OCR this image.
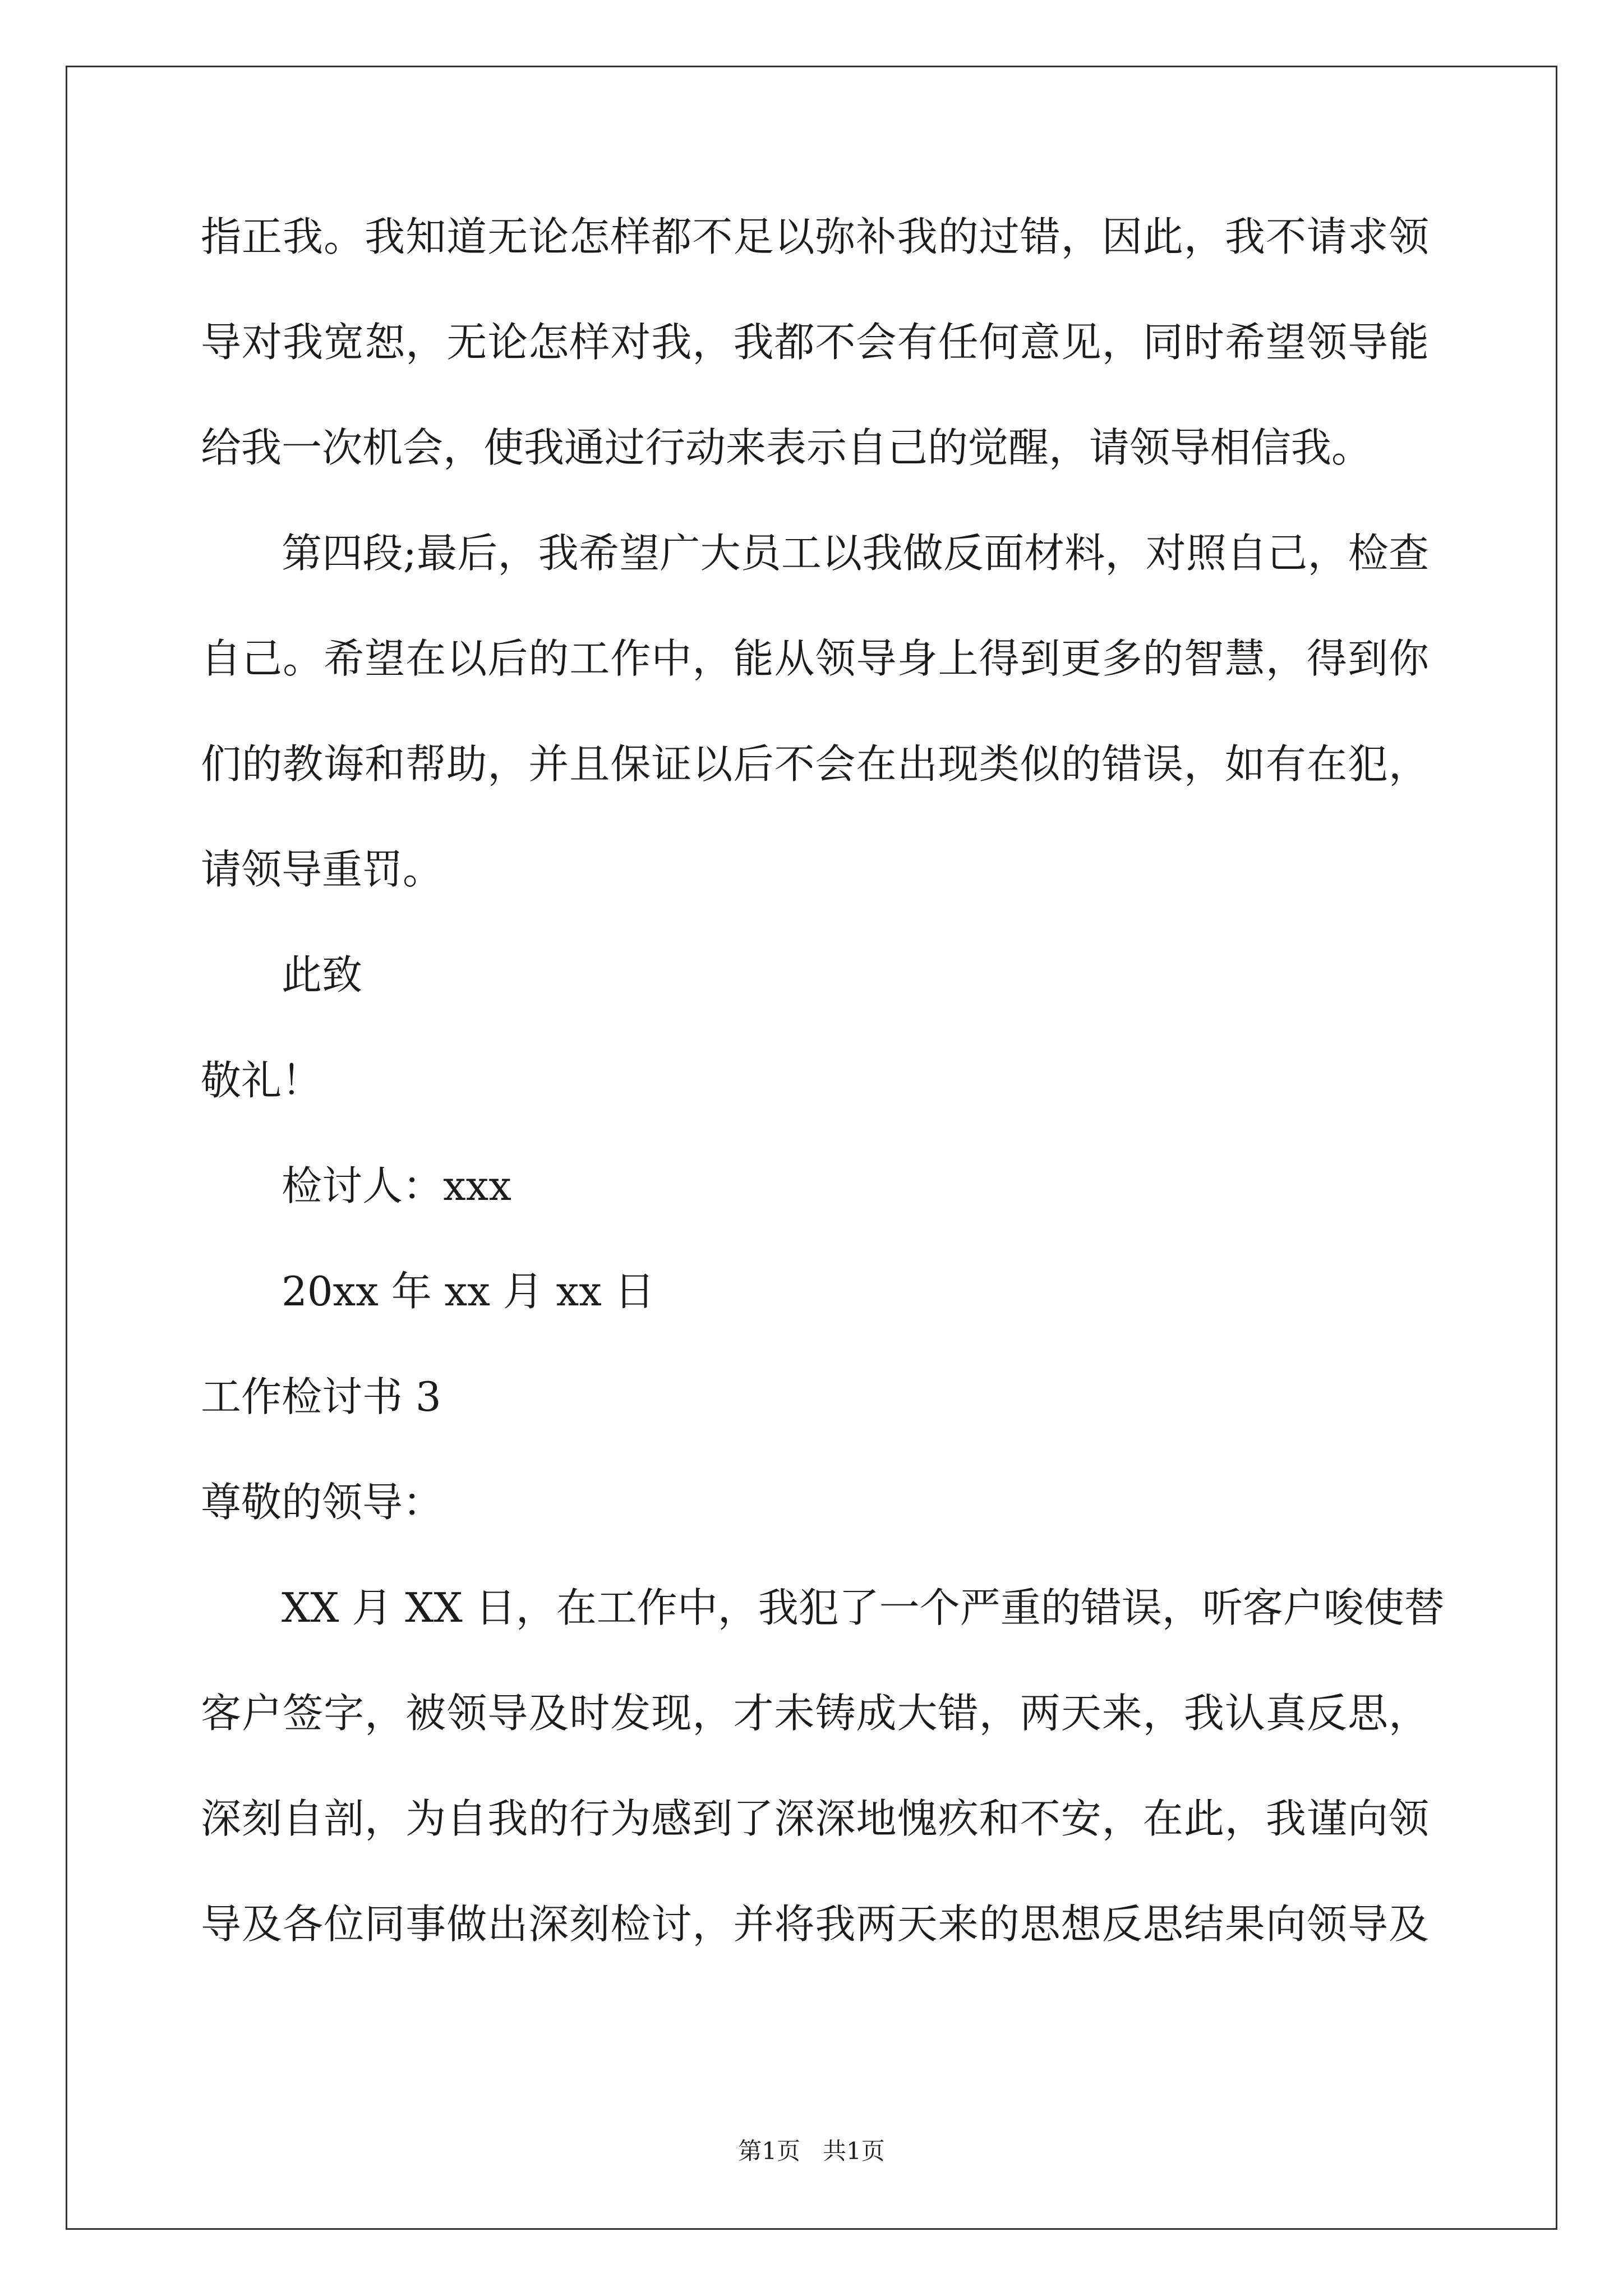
指正我。我知道无论怎样都不足以弥补我的过错，因此，我不请求领
导对我宽恕，无论怎样对我，我都不会有任何意见，同时希望领导能
给我一次机会，使我通过行动来表示自己的觉醒，请领导相信我。
第四段;最后，我希望广大员工以我做反面材料，对照自己，检查
自己。希望在以后的工作中，能从领导身上得到更多的智慧，得到你
们的教诲和帮助，并且保证以后不会在出现类似的错误，如有在犯，
请领导重罚。
此致
敬礼！
检讨人：xxx
20xx 年 xx 月 xx 日
工作检讨书 3
尊敬的领导：
XX 月 XX 日，在工作中，我犯了一个严重的错误，听客户唆使替
客户签字，被领导及时发现，才未铸成大错，两天来，我认真反思，
深刻自剖，为自我的行为感到了深深地愧疚和不安，在此，我谨向领
导及各位同事做出深刻检讨，并将我两天来的思想反思结果向领导及
第1页   共1页
